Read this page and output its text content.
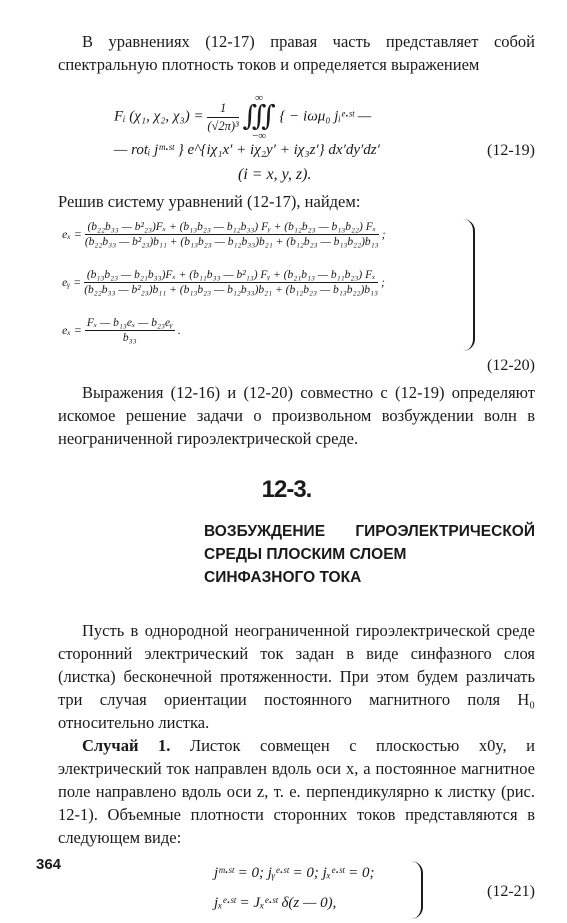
В уравнениях (12-17) правая часть представляет собой спектральную плотность токов и определяется выражением

Fᵢ (χ₁, χ₂, $\chi_3) = \frac{1}{\text{(√2π)³}}$

∞
∭
−∞
{ − iωμ₀ jᵢᵉ·ˢᵗ —
— rotᵢ jᵐ·ˢᵗ } e^{iχ₁x′ + iχ₂y′ + iχ₃z′} dx′dy′dz′	(12-19)
(i = x, y, z).

Решив систему уравнений (12-17), найдем:

eₓ = (b₂₂b₃₃ — b²₂₃)Fₓ + (b₁₃b₂₃ — b₁₂b₃₃) Fᵧ + (b₁₂b₂₃ — b₁₃b₂₂) Fₓ
(b₂₂b₃₃ — b²₂₃)b₁₁ + (b₁₃b₂₃ — b₁₂b₃₃)b₂₁ + (b₁₂b₂₃ — b₁₃b₂₂)b₁₃
;
eᵧ = (b₁₃b₂₃ — b₂₁b₃₃)Fₓ + (b₁₁b₃₃ — b²₁₃) Fᵧ + (b₂₁b₁₃ — b₁₁b₂₃) Fₓ
(b₂₂b₃₃ — b²₂₃)b₁₁ + (b₁₃b₂₃ — b₁₂b₃₃)b₂₁ + (b₁₂b₂₃ — b₁₃b₂₂)b₁₃
;
$e_x = \frac{\text{Fₓ — b₁₃eₓ — b₂₃eᵧ}}{\text{b₃₃}}$ .
(12-20)

Выражения (12-16) и (12-20) совместно с (12-19) определяют искомое решение задачи о произвольном возбуждении волн в неограниченной гироэлектрической среде.

12-3.
ВОЗБУЖДЕНИЕ ГИРОЭЛЕКТРИЧЕСКОЙ
СРЕДЫ ПЛОСКИМ СЛОЕМ
СИНФАЗНОГО ТОКА

Пусть в однородной неограниченной гироэлектрической среде сторонний электрический ток задан в виде синфазного слоя (листка) бесконечной протяженности. При этом будем различать три случая ориентации постоянного магнитного поля H₀ относительно листка.

Случай 1. Листок совмещен с плоскостью x0y, и электрический ток направлен вдоль оси x, а постоянное магнитное поле направлено вдоль оси z, т. е. перпендикулярно к листку (рис. 12-1). Объемные плотности сторонних токов представляются в следующем виде:

jᵐ·ˢᵗ = 0; jᵧᵉ·ˢᵗ = 0; jₓᵉ·ˢᵗ = 0;
jₓᵉ·ˢᵗ = Jₓᵉ·ˢᵗ δ(z — 0),
(12-21)
364
